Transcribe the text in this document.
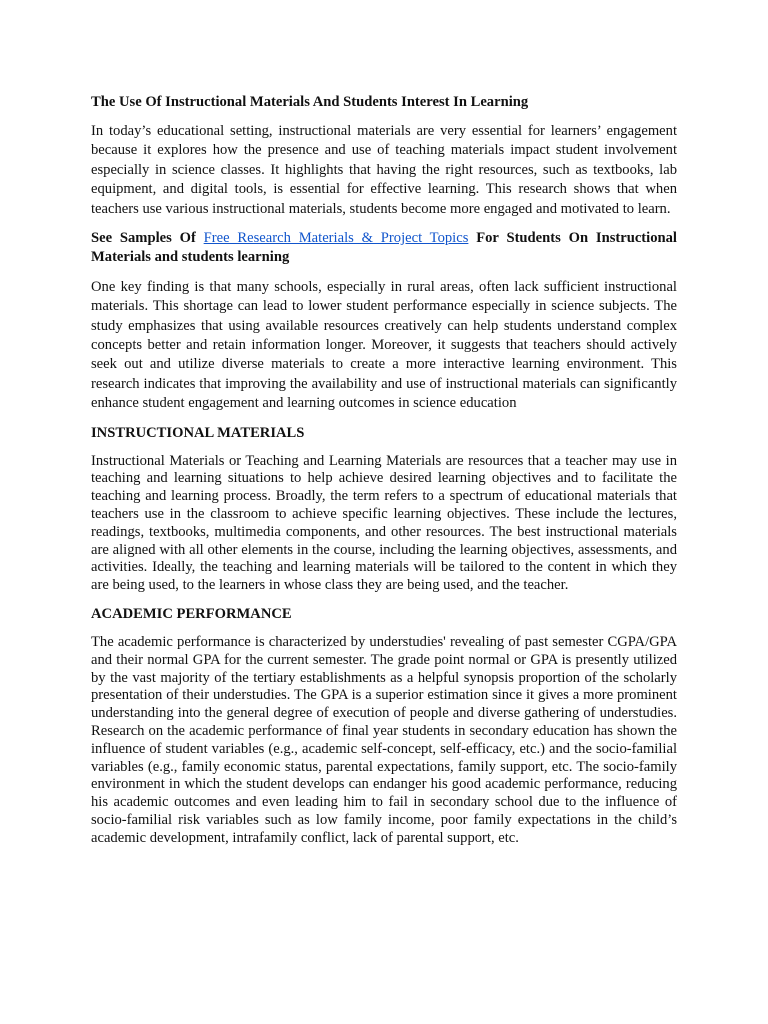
The Use Of Instructional Materials And Students Interest In Learning

In today’s educational setting, instructional materials are very essential for learners’ engagement because it explores how the presence and use of teaching materials impact student involvement especially in science classes. It highlights that having the right resources, such as textbooks, lab equipment, and digital tools, is essential for effective learning. This research shows that when teachers use various instructional materials, students become more engaged and motivated to learn.

See Samples Of Free Research Materials & Project Topics For Students On Instructional Materials and students learning

One key finding is that many schools, especially in rural areas, often lack sufficient instructional materials. This shortage can lead to lower student performance especially in science subjects. The study emphasizes that using available resources creatively can help students understand complex concepts better and retain information longer. Moreover, it suggests that teachers should actively seek out and utilize diverse materials to create a more interactive learning environment. This research indicates that improving the availability and use of instructional materials can significantly enhance student engagement and learning outcomes in science education

INSTRUCTIONAL MATERIALS

Instructional Materials or Teaching and Learning Materials are resources that a teacher may use in teaching and learning situations to help achieve desired learning objectives and to facilitate the teaching and learning process. Broadly, the term refers to a spectrum of educational materials that teachers use in the classroom to achieve specific learning objectives. These include the lectures, readings, textbooks, multimedia components, and other resources. The best instructional materials are aligned with all other elements in the course, including the learning objectives, assessments, and activities. Ideally, the teaching and learning materials will be tailored to the content in which they are being used, to the learners in whose class they are being used, and the teacher.

ACADEMIC PERFORMANCE

The academic performance is characterized by understudies' revealing of past semester CGPA/GPA and their normal GPA for the current semester. The grade point normal or GPA is presently utilized by the vast majority of the tertiary establishments as a helpful synopsis proportion of the scholarly presentation of their understudies. The GPA is a superior estimation since it gives a more prominent understanding into the general degree of execution of people and diverse gathering of understudies. Research on the academic performance of final year students in secondary education has shown the influence of student variables (e.g., academic self-concept, self-efficacy, etc.) and the socio-familial variables (e.g., family economic status, parental expectations, family support, etc. The socio-family environment in which the student develops can endanger his good academic performance, reducing his academic outcomes and even leading him to fail in secondary school due to the influence of socio-familial risk variables such as low family income, poor family expectations in the child’s academic development, intrafamily conflict, lack of parental support, etc.
